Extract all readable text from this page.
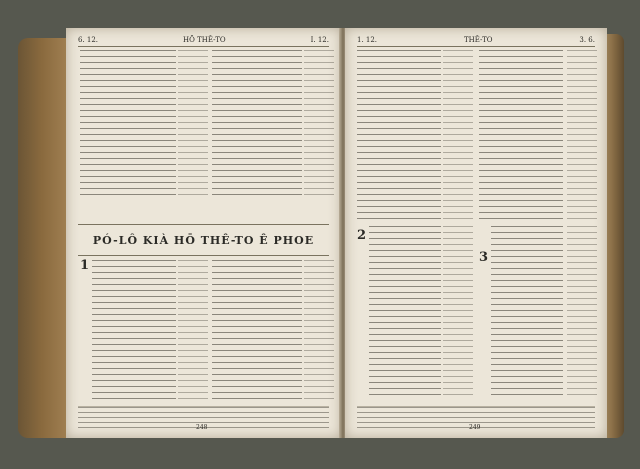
6. 12.	HŌ THÊ-TO	I. 12.
PÓ-LÔ KIÀ HŌ THÊ-TO Ê PHOE
1
248
1. 12.	THÊ-TO	3. 6.
2
3
249
